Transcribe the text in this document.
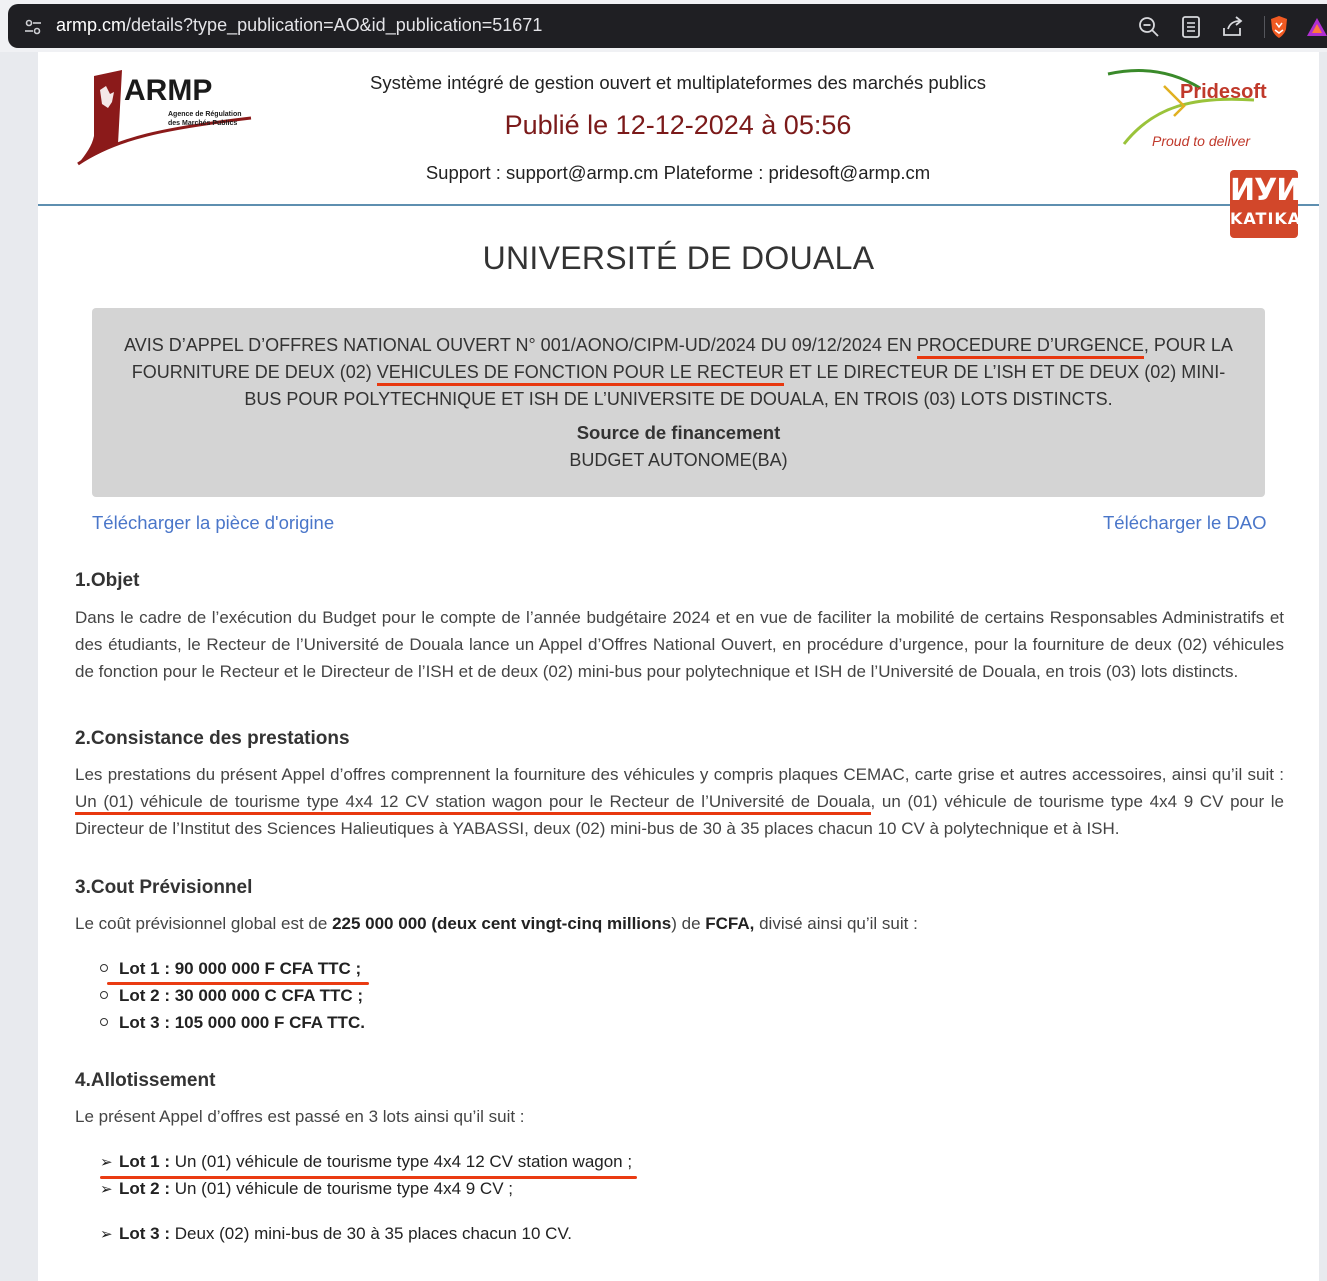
armp.cm/details?type_publication=AO&id_publication=51671
ARMP
Agence de Régulation
des Marchés Publics
Système intégré de gestion ouvert et multiplateformes des marchés publics
Publié le 12-12-2024 à 05:56
Support : support@armp.cm Plateforme : pridesoft@armp.cm
Pridesoft
Proud to deliver
ИУИ
KATIKA
UNIVERSITÉ DE DOUALA
AVIS D’APPEL D’OFFRES NATIONAL OUVERT N° 001/AONO/CIPM-UD/2024 DU 09/12/2024 EN PROCEDURE D’URGENCE, POUR LA FOURNITURE DE DEUX (02) VEHICULES DE FONCTION POUR LE RECTEUR ET LE DIRECTEUR DE L’ISH ET DE DEUX (02) MINI-BUS POUR POLYTECHNIQUE ET ISH DE L’UNIVERSITE DE DOUALA, EN TROIS (03) LOTS DISTINCTS.
Source de financement
BUDGET AUTONOME(BA)
Télécharger la pièce d'origine	Télécharger le DAO
1.Objet
Dans le cadre de l’exécution du Budget pour le compte de l’année budgétaire 2024 et en vue de faciliter la mobilité de certains Responsables Administratifs et des étudiants, le Recteur de l’Université de Douala lance un Appel d’Offres National Ouvert, en procédure d’urgence, pour la fourniture de deux (02) véhicules de fonction pour le Recteur et le Directeur de l’ISH et de deux (02) mini-bus pour polytechnique et ISH de l’Université de Douala, en trois (03) lots distincts.
2.Consistance des prestations
Les prestations du présent Appel d’offres comprennent la fourniture des véhicules y compris plaques CEMAC, carte grise et autres accessoires, ainsi qu’il suit : Un (01) véhicule de tourisme type 4x4 12 CV station wagon pour le Recteur de l’Université de Douala, un (01) véhicule de tourisme type 4x4 9 CV pour le Directeur de l’Institut des Sciences Halieutiques à YABASSI, deux (02) mini-bus de 30 à 35 places chacun 10 CV à polytechnique et à ISH.
3.Cout Prévisionnel
Le coût prévisionnel global est de 225 000 000 (deux cent vingt-cinq millions) de FCFA, divisé ainsi qu’il suit :
Lot 1 : 90 000 000 F CFA TTC ;
Lot 2 : 30 000 000 C CFA TTC ;
Lot 3 : 105 000 000 F CFA TTC.
4.Allotissement
Le présent Appel d’offres est passé en 3 lots ainsi qu’il suit :
➢ Lot 1 : Un (01) véhicule de tourisme type 4x4 12 CV station wagon ;
➢ Lot 2 : Un (01) véhicule de tourisme type 4x4 9 CV ;
➢ Lot 3 : Deux (02) mini-bus de 30 à 35 places chacun 10 CV.
